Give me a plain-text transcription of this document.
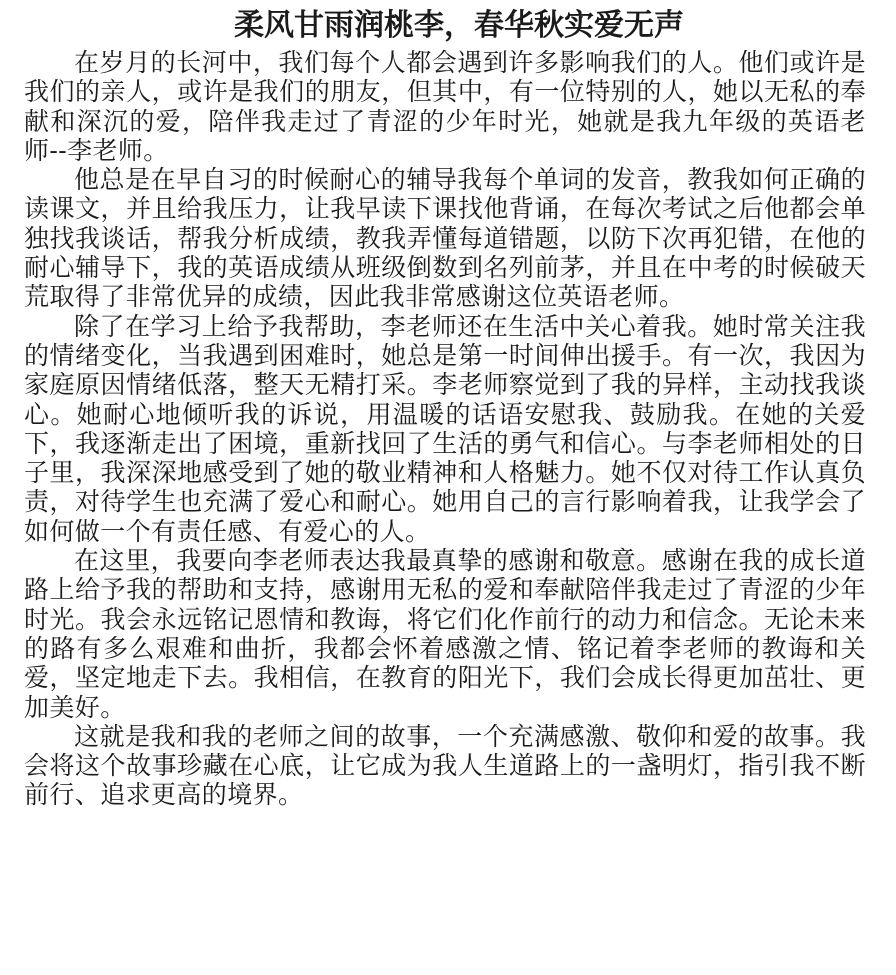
柔风甘雨润桃李，春华秋实爱无声

在岁月的长河中，我们每个人都会遇到许多影响我们的人。他们或许是我们的亲人，或许是我们的朋友，但其中，有一位特别的人，她以无私的奉献和深沉的爱，陪伴我走过了青涩的少年时光，她就是我九年级的英语老师--李老师。

他总是在早自习的时候耐心的辅导我每个单词的发音，教我如何正确的读课文，并且给我压力，让我早读下课找他背诵，在每次考试之后他都会单独找我谈话，帮我分析成绩，教我弄懂每道错题，以防下次再犯错，在他的耐心辅导下，我的英语成绩从班级倒数到名列前茅，并且在中考的时候破天荒取得了非常优异的成绩，因此我非常感谢这位英语老师。

除了在学习上给予我帮助，李老师还在生活中关心着我。她时常关注我的情绪变化，当我遇到困难时，她总是第一时间伸出援手。有一次，我因为家庭原因情绪低落，整天无精打采。李老师察觉到了我的异样，主动找我谈心。她耐心地倾听我的诉说，用温暖的话语安慰我、鼓励我。在她的关爱下，我逐渐走出了困境，重新找回了生活的勇气和信心。与李老师相处的日子里，我深深地感受到了她的敬业精神和人格魅力。她不仅对待工作认真负责，对待学生也充满了爱心和耐心。她用自己的言行影响着我，让我学会了如何做一个有责任感、有爱心的人。

在这里，我要向李老师表达我最真挚的感谢和敬意。感谢在我的成长道路上给予我的帮助和支持，感谢用无私的爱和奉献陪伴我走过了青涩的少年时光。我会永远铭记恩情和教诲，将它们化作前行的动力和信念。无论未来的路有多么艰难和曲折，我都会怀着感激之情、铭记着李老师的教诲和关爱，坚定地走下去。我相信，在教育的阳光下，我们会成长得更加茁壮、更加美好。

这就是我和我的老师之间的故事，一个充满感激、敬仰和爱的故事。我会将这个故事珍藏在心底，让它成为我人生道路上的一盏明灯，指引我不断前行、追求更高的境界。
